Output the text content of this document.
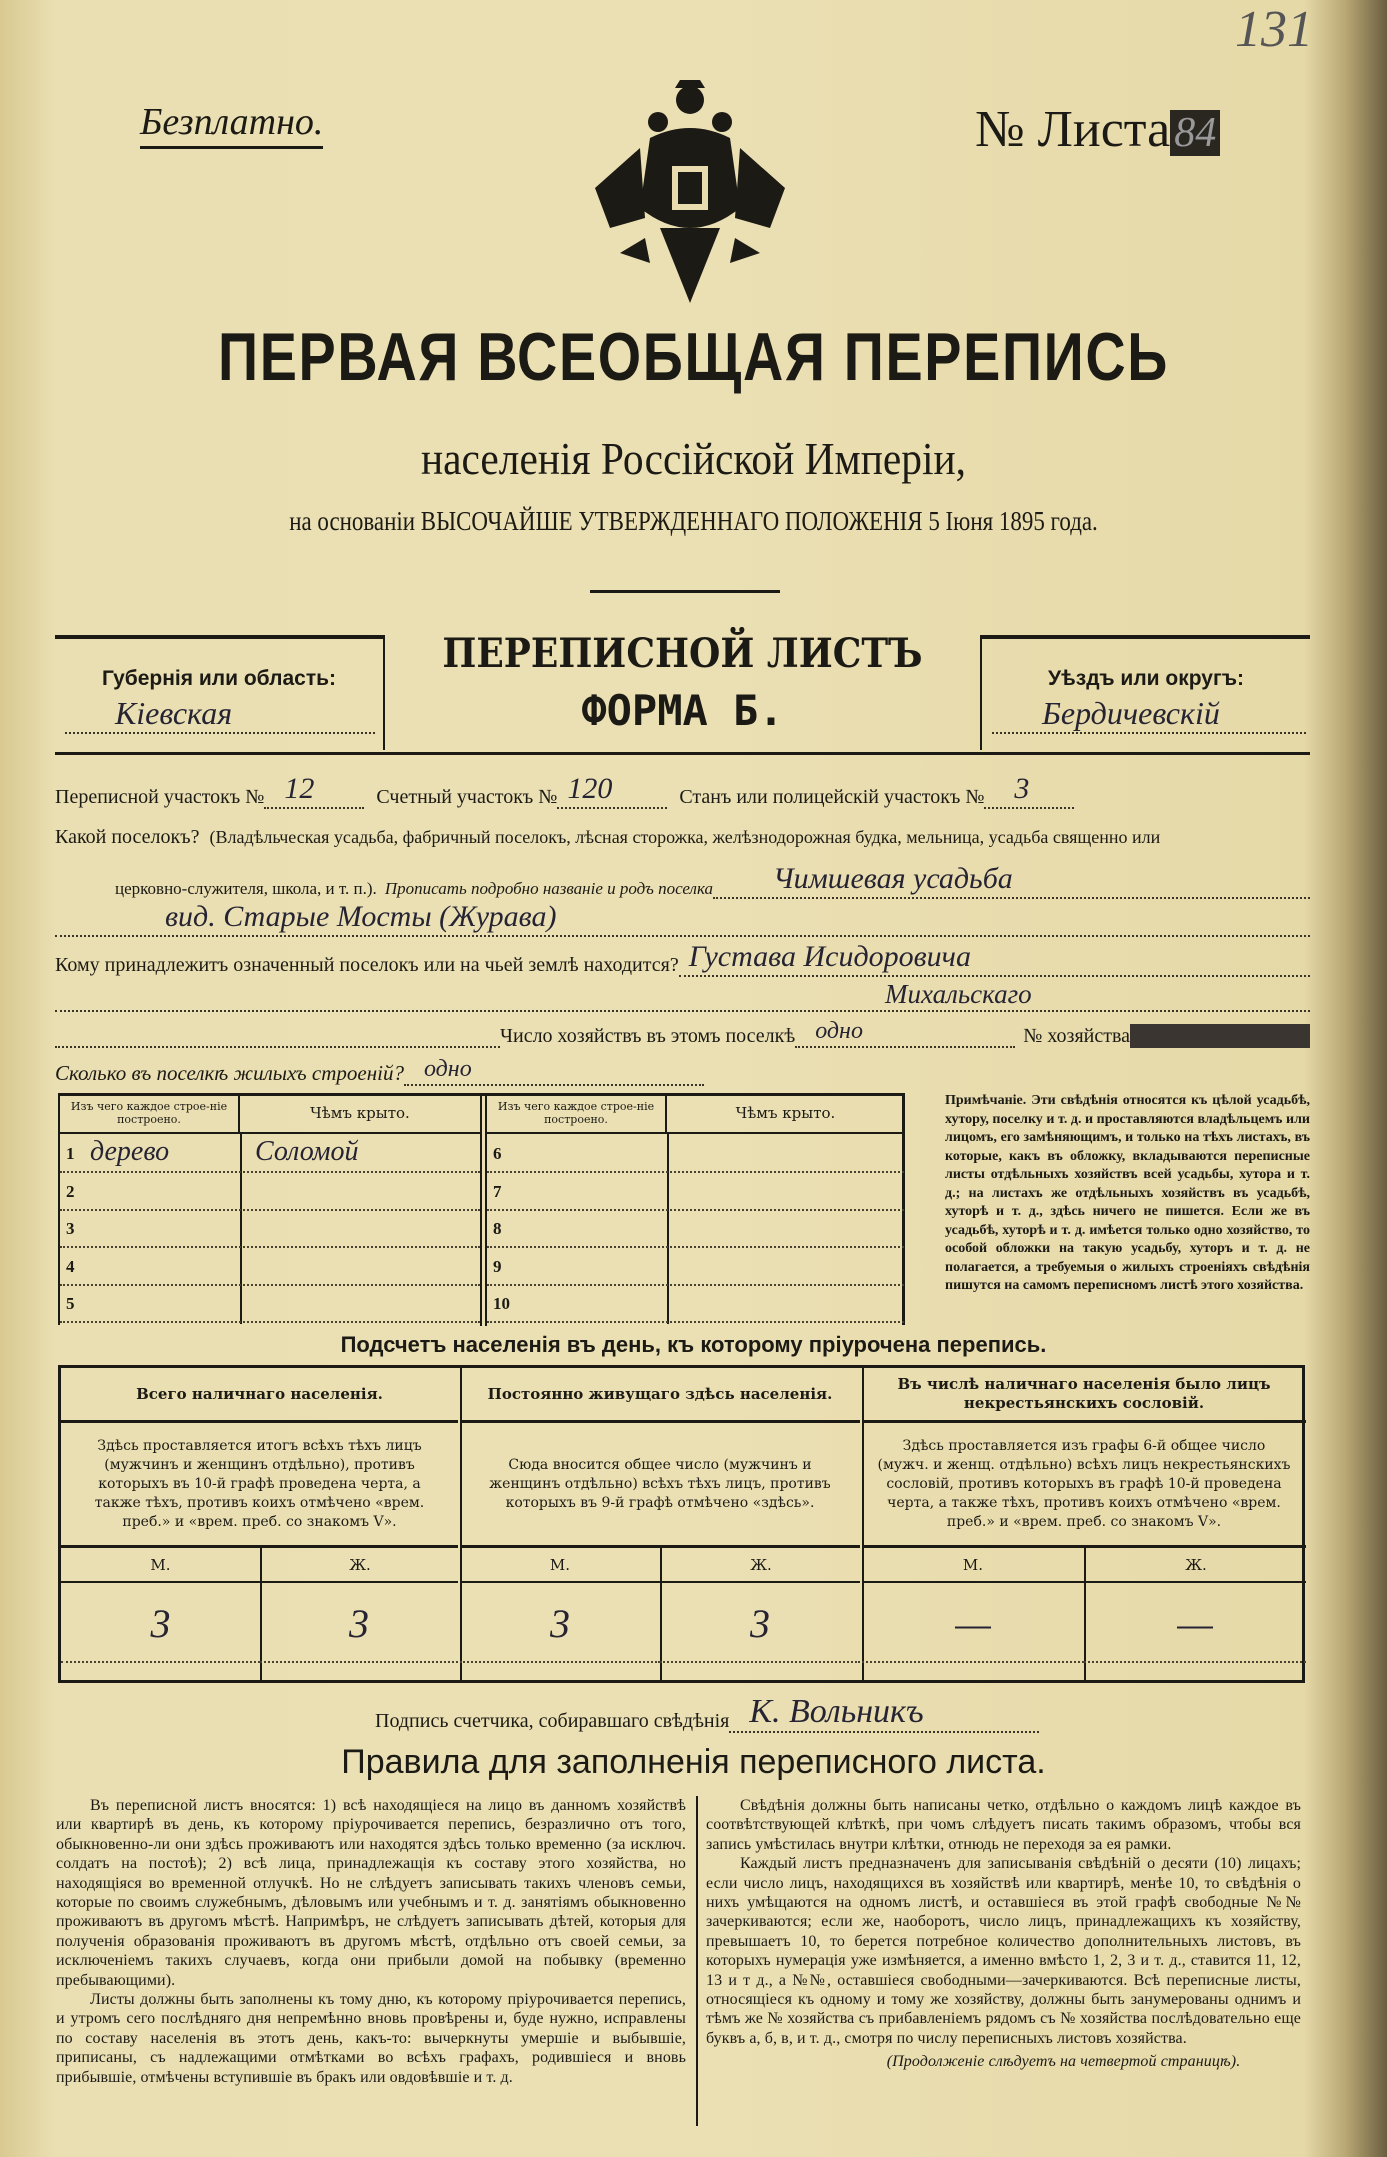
131
Безплатно.	№ Листа84
ПЕРВАЯ ВСЕОБЩАЯ ПЕРЕПИСЬ
населенія Россійской Имперіи,
на основаніи ВЫСОЧАЙШЕ УТВЕРЖДЕННАГО ПОЛОЖЕНІЯ 5 Іюня 1895 года.
Губернія или область:
Кіевская
ПЕРЕПИСНОЙ ЛИСТЪ
ФОРМА Б.
Уѣздъ или округъ:
Бердичевскій
Переписной участокъ № 12	Счетный участокъ № 120	Станъ или полицейскій участокъ №	3
Какой поселокъ? (Владѣльческая усадьба, фабричный поселокъ, лѣсная сторожка, желѣзнодорожная будка, мельница, усадьба священно или
церковно-служителя, школа, и т. п.). Прописать подробно названіе и родъ поселка	Чимшевая усадьба
вид. Старые Мосты (Журава)
Кому принадлежитъ означенный поселокъ или на чьей землѣ находится? Густава Исидоровича
Михальскаго
Число хозяйствъ въ этомъ поселкѣ одно	№ хозяйства
Сколько въ поселкѣ жилыхъ строеній? одно
Изъ чего каждое строе-ніе построено.	Чѣмъ крыто.
1 дерево	Соломой
2
3
4
5
Изъ чего каждое строе-ніе построено.	Чѣмъ крыто.
6
7
8
9
10
Примѣчаніе. Эти свѣдѣнія относятся къ цѣлой усадьбѣ, хутору, поселку и т. д. и проставляются владѣльцемъ или лицомъ, его замѣняющимъ, и только на тѣхъ листахъ, въ которые, какъ въ обложку, вкладываются переписные листы отдѣльныхъ хозяйствъ всей усадьбы, хутора и т. д.; на листахъ же отдѣльныхъ хозяйствъ въ усадьбѣ, хуторѣ и т. д., здѣсь ничего не пишется. Если же въ усадьбѣ, хуторѣ и т. д. имѣется только одно хозяйство, то особой обложки на такую усадьбу, хуторъ и т. д. не полагается, а требуемыя о жилыхъ строеніяхъ свѣдѣнія пишутся на самомъ переписномъ листѣ этого хозяйства.
Подсчетъ населенія въ день, къ которому пріурочена перепись.
Всего наличнаго населенія.
Здѣсь проставляется итогъ всѣхъ тѣхъ лицъ (мужчинъ и женщинъ отдѣльно), противъ которыхъ въ 10-й графѣ проведена черта, а также тѣхъ, противъ коихъ отмѣчено «врем. преб.» и «врем. преб. со знакомъ V».
М.	Ж.
3	3
Постоянно живущаго здѣсь населенія.
Сюда вносится общее число (мужчинъ и женщинъ отдѣльно) всѣхъ тѣхъ лицъ, противъ которыхъ въ 9-й графѣ отмѣчено «здѣсь».
М.	Ж.
3	3
Въ числѣ наличнаго населенія было лицъ некрестьянскихъ сословій.
Здѣсь проставляется изъ графы 6-й общее число (мужч. и женщ. отдѣльно) всѣхъ лицъ некрестьянскихъ сословій, противъ которыхъ въ графѣ 10-й проведена черта, а также тѣхъ, противъ коихъ отмѣчено «врем. преб.» и «врем. преб. со знакомъ V».
М.	Ж.
—	—
Подпись счетчика, собиравшаго свѣдѣнія К. Вольникъ
Правила для заполненія переписного листа.

Въ переписной листъ вносятся: 1) всѣ находящіеся на лицо въ данномъ хозяйствѣ или квартирѣ въ день, къ которому пріурочивается перепись, безразлично отъ того, обыкновенно-ли они здѣсь проживаютъ или находятся здѣсь только временно (за исключ. солдатъ на постоѣ); 2) всѣ лица, принадлежащія къ составу этого хозяйства, но находящіяся во временной отлучкѣ. Но не слѣдуетъ записывать такихъ членовъ семьи, которые по своимъ служебнымъ, дѣловымъ или учебнымъ и т. д. занятіямъ обыкновенно проживаютъ въ другомъ мѣстѣ. Напримѣръ, не слѣдуетъ записывать дѣтей, которыя для полученія образованія проживаютъ въ другомъ мѣстѣ, отдѣльно отъ своей семьи, за исключеніемъ такихъ случаевъ, когда они прибыли домой на побывку (временно пребывающими).

Листы должны быть заполнены къ тому дню, къ которому пріурочивается перепись, и утромъ сего послѣдняго дня непремѣнно вновь провѣрены и, буде нужно, исправлены по составу населенія въ этотъ день, какъ-то: вычеркнуты умершіе и выбывшіе, приписаны, съ надлежащими отмѣтками во всѣхъ графахъ, родившіеся и вновь прибывшіе, отмѣчены вступившіе въ бракъ или овдовѣвшіе и т. д.

Свѣдѣнія должны быть написаны четко, отдѣльно о каждомъ лицѣ каждое въ соотвѣтствующей клѣткѣ, при чомъ слѣдуетъ писать такимъ образомъ, чтобы вся запись умѣстилась внутри клѣтки, отнюдь не переходя за ея рамки.

Каждый листъ предназначенъ для записыванія свѣдѣній о десяти (10) лицахъ; если число лицъ, находящихся въ хозяйствѣ или квартирѣ, менѣе 10, то свѣдѣнія о нихъ умѣщаются на одномъ листѣ, и оставшіеся въ этой графѣ свободные №№ зачеркиваются; если же, наоборотъ, число лицъ, принадлежащихъ къ хозяйству, превышаетъ 10, то берется потребное количество дополнительныхъ листовъ, въ которыхъ нумерація уже измѣняется, а именно вмѣсто 1, 2, 3 и т. д., ставится 11, 12, 13 и т д., а №№, оставшіеся свободными—зачеркиваются. Всѣ переписные листы, относящіеся къ одному и тому же хозяйству, должны быть занумерованы однимъ и тѣмъ же № хозяйства съ прибавленіемъ рядомъ съ № хозяйства послѣдовательно еще буквъ а, б, в, и т. д., смотря по числу переписныхъ листовъ хозяйства.

(Продолженіе слѣдуетъ на четвертой страницѣ).
